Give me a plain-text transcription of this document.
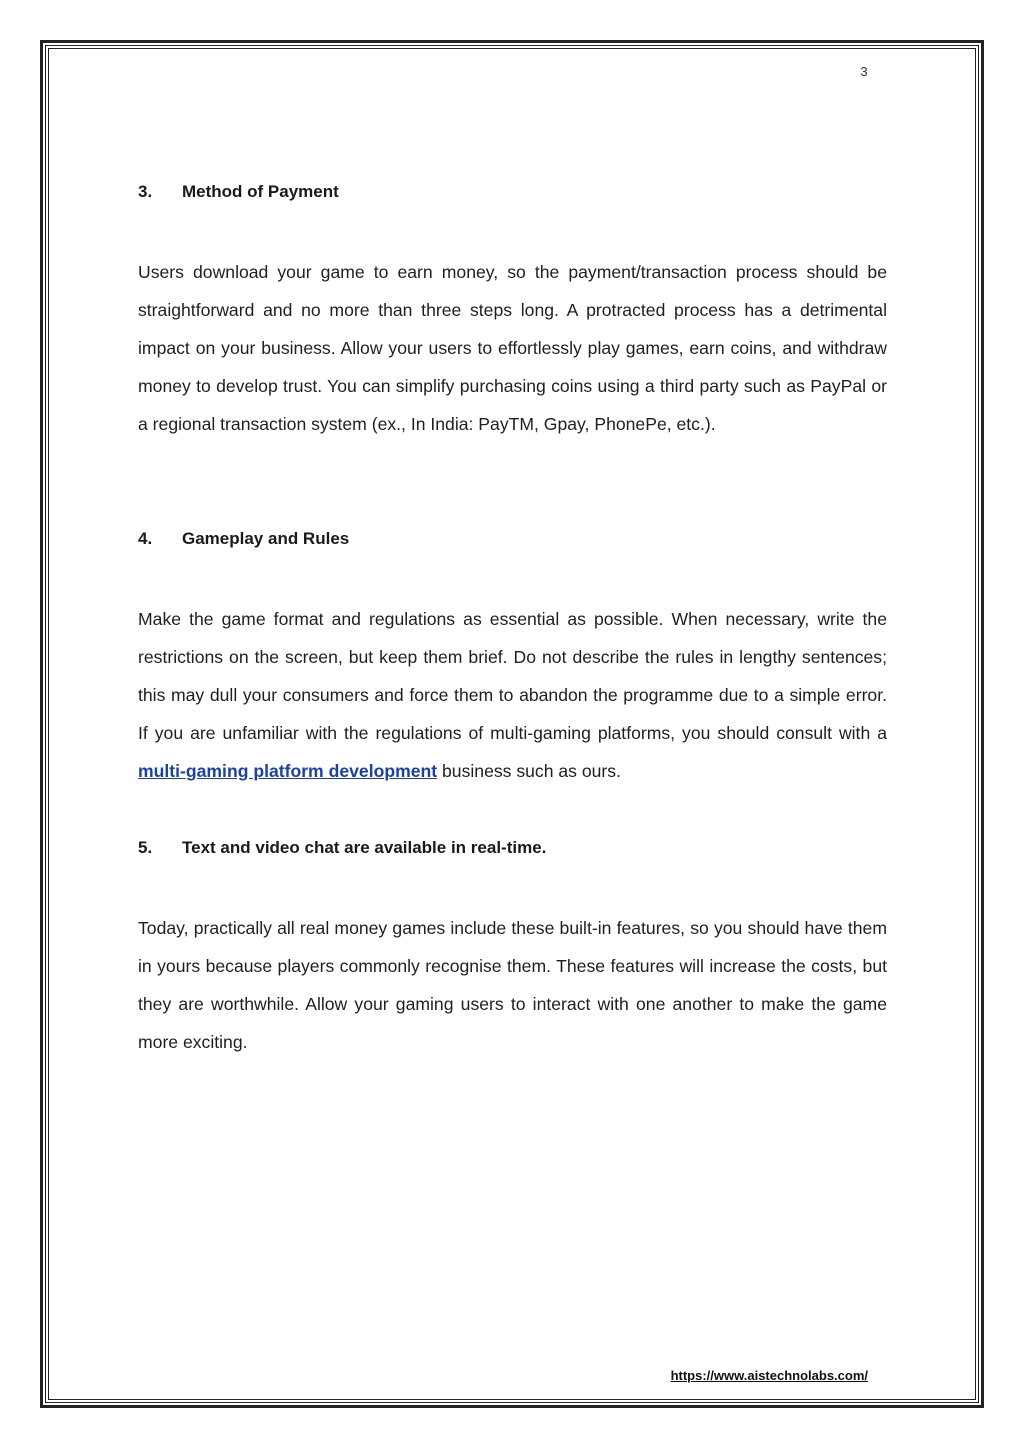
3
3. Method of Payment

Users download your game to earn money, so the payment/transaction process should be straightforward and no more than three steps long. A protracted process has a detrimental impact on your business. Allow your users to effortlessly play games, earn coins, and withdraw money to develop trust. You can simplify purchasing coins using a third party such as PayPal or a regional transaction system (ex., In India: PayTM, Gpay, PhonePe, etc.).

4. Gameplay and Rules

Make the game format and regulations as essential as possible. When necessary, write the restrictions on the screen, but keep them brief. Do not describe the rules in lengthy sentences; this may dull your consumers and force them to abandon the programme due to a simple error. If you are unfamiliar with the regulations of multi-gaming platforms, you should consult with a multi-gaming platform development business such as ours.

5. Text and video chat are available in real-time.

Today, practically all real money games include these built-in features, so you should have them in yours because players commonly recognise them. These features will increase the costs, but they are worthwhile. Allow your gaming users to interact with one another to make the game more exciting.

https://www.aistechnolabs.com/
